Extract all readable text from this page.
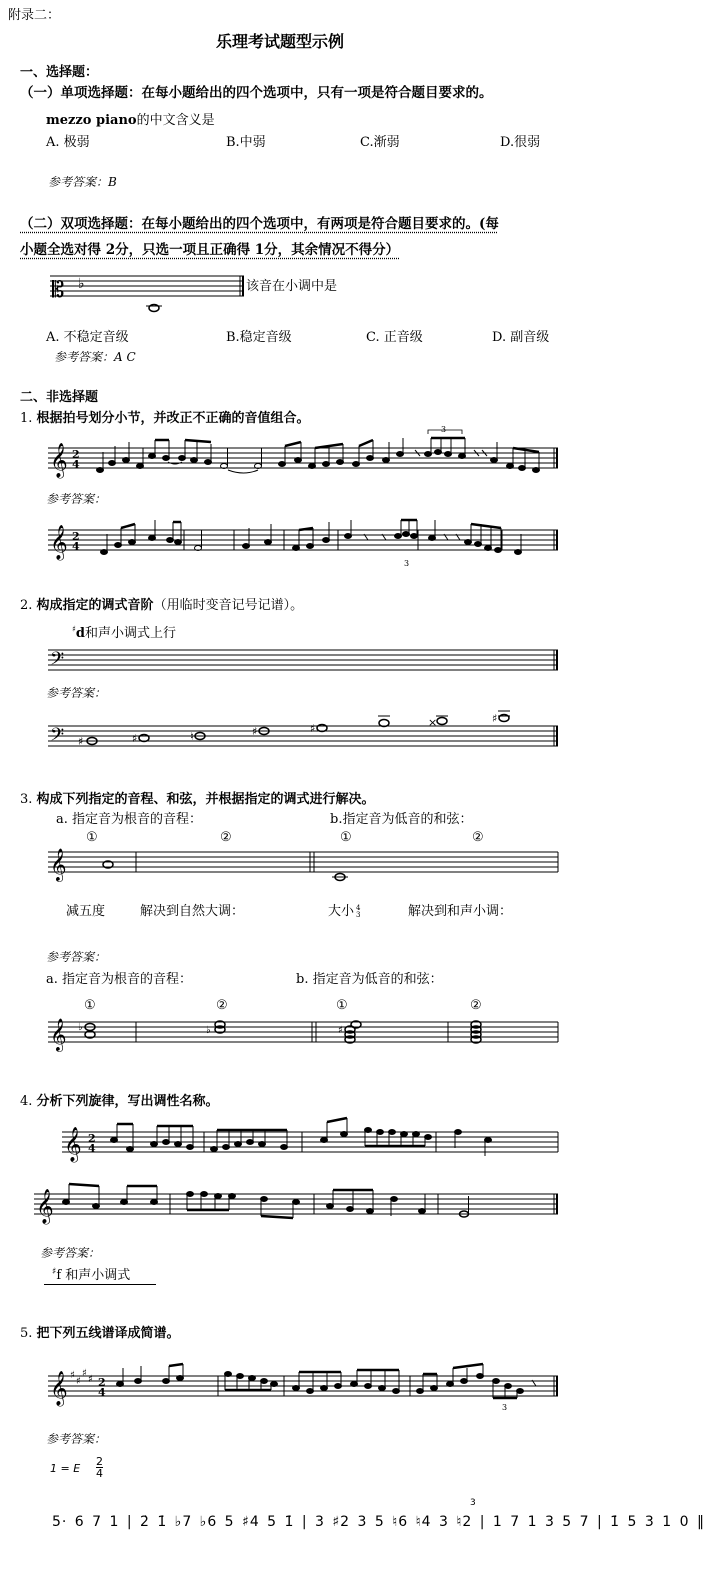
附录二：
乐理考试题型示例
一、选择题：
（一）单项选择题：在每小题给出的四个选项中，只有一项是符合题目要求的。
mezzo piano的中文含义是
A. 极弱	B.中弱	C.渐弱	D.很弱
参考答案：B
（二）双项选择题：在每小题给出的四个选项中，有两项是符合题目要求的。(每
小题全选对得 2分，只选一项且正确得 1分，其余情况不得分）
𝄡 ♭	该音在小调中是
A. 不稳定音级	B.稳定音级	C. 正音级	D. 副音级
参考答案：A C
二、非选择题
1. 根据拍号划分小节，并改正不正确的音值组合。
𝄞 2
4
3
参考答案：
𝄞 2
4
3
2. 构成指定的调式音阶（用临时变音记号记谱）。
♯d和声小调式上行
𝄢
参考答案：
𝄢 ♯	♯	♮	♯	♯	×	♯
3. 构成下列指定的音程、和弦，并根据指定的调式进行解决。
a. 指定音为根音的音程：	b.指定音为低音的和弦：
①	②	①	②
𝄞
减五度	解决到自然大调：	大小 4
3	解决到和声小调：
参考答案：
a. 指定音为根音的音程：	b. 指定音为低音的和弦：
①	②	①	②
𝄞 ♭	♭	♯
4. 分析下列旋律，写出调性名称。
𝄞 2
4
𝄞
参考答案：
♯f 和声小调式
5. 把下列五线谱译成简谱。
𝄞 ♯
♯
♯
♯ 2
4
3
参考答案：
1 = E
2
4
3
5· 6 7 1 | 2̇ 1̇ ♭7 ♭6 5 ♯4 5 1̇ | 3 ♯2 3 5 ♮6 ♮4 3 ♮2 | 1 7 1 3 5 7 | 1̇ 5 3 1 0 ‖
